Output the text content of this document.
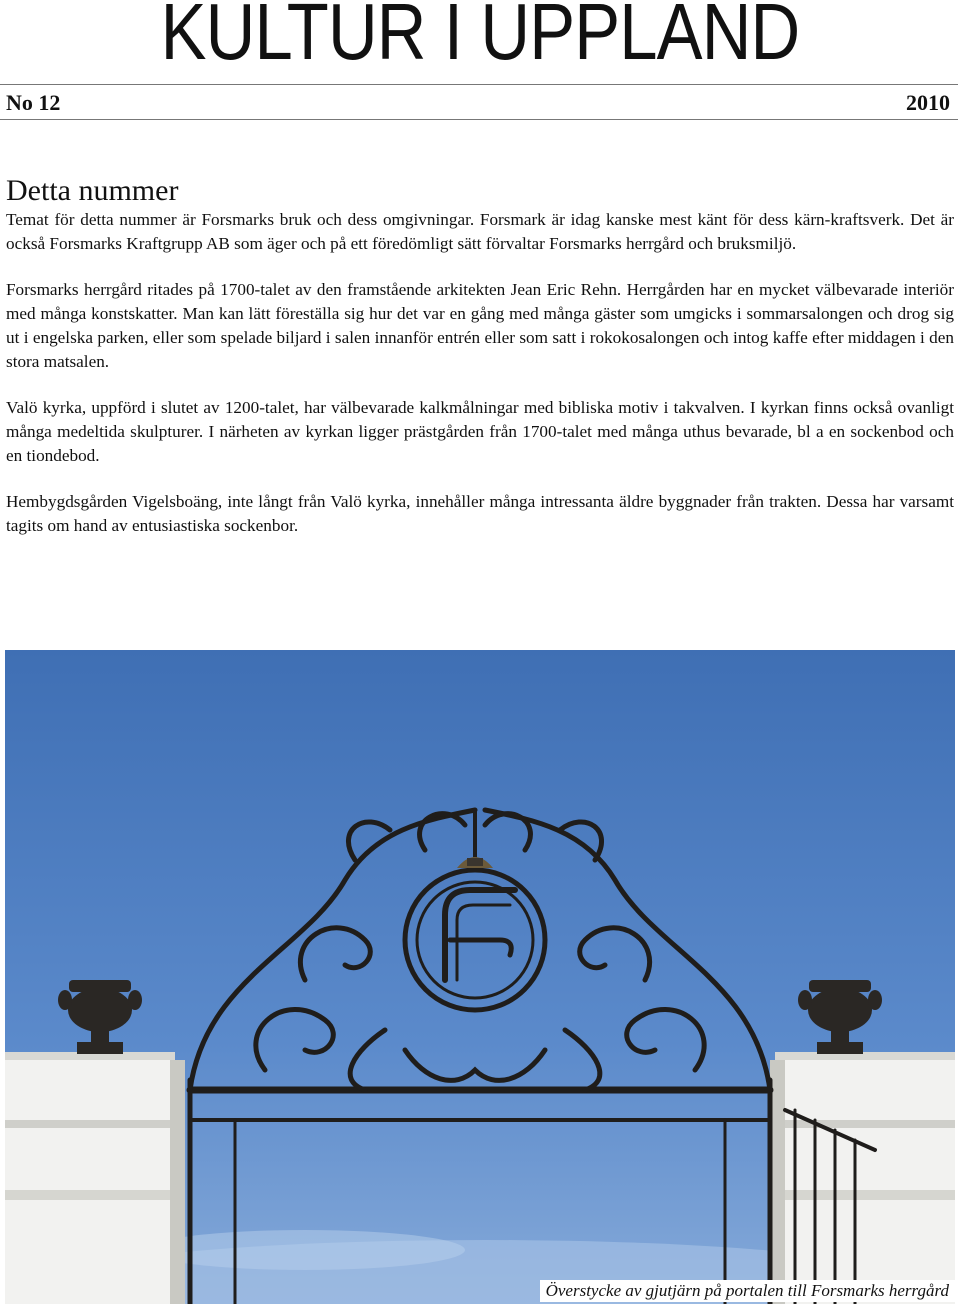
KULTUR I UPPLAND
No 12	2010
Detta nummer

Temat för detta nummer är Forsmarks bruk och dess omgivningar. Forsmark är idag kanske mest känt för dess kärn-kraftsverk. Det är också Forsmarks Kraftgrupp AB som äger och på ett föredömligt sätt förvaltar Forsmarks herrgård och bruksmiljö.

Forsmarks herrgård ritades på 1700-talet av den framstående arkitekten Jean Eric Rehn. Herrgården har en mycket välbevarade interiör med många konstskatter. Man kan lätt föreställa sig hur det var en gång med många gäster som umgicks i sommarsalongen och drog sig ut i engelska parken, eller som spelade biljard i salen innanför entrén eller som satt i rokokosalongen och intog kaffe efter middagen i den stora matsalen.

Valö kyrka, uppförd i slutet av 1200-talet, har välbevarade kalkmålningar med bibliska motiv i takvalven. I kyrkan finns också ovanligt många medeltida skulpturer. I närheten av kyrkan ligger prästgården från 1700-talet med många uthus bevarade, bl a en sockenbod och en tiondebod.

Hembygdsgården Vigelsboäng, inte långt från Valö kyrka, innehåller många intressanta äldre byggnader från trakten. Dessa har varsamt tagits om hand av entusiastiska sockenbor.

Överstycke av gjutjärn på portalen till Forsmarks herrgård
